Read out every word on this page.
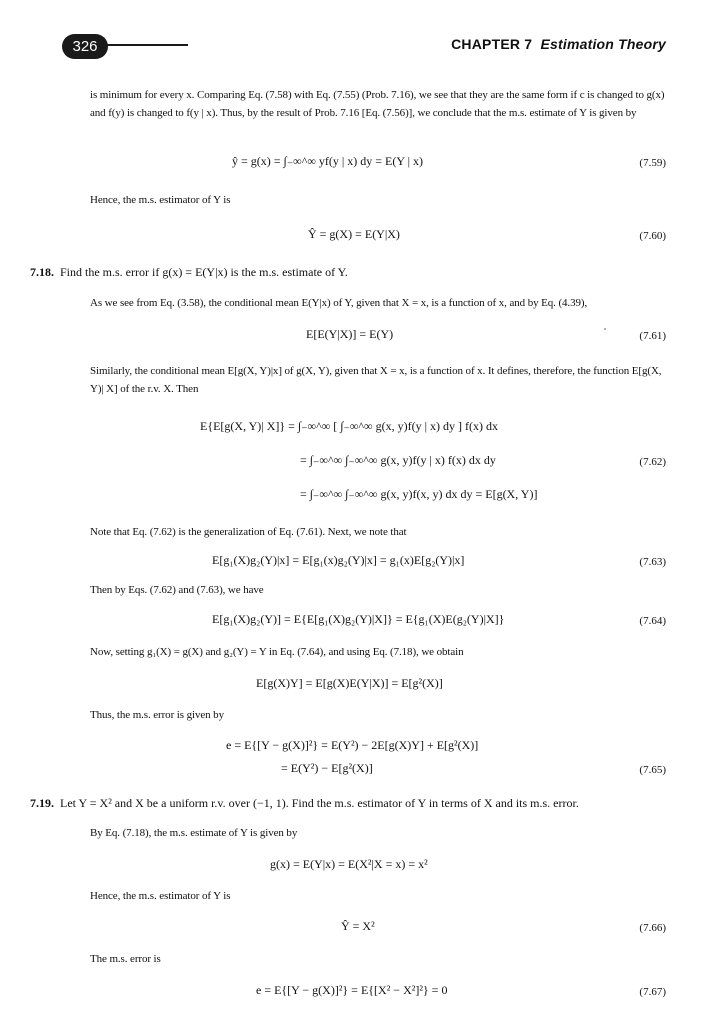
326	CHAPTER 7 Estimation Theory
is minimum for every x. Comparing Eq. (7.58) with Eq. (7.55) (Prob. 7.16), we see that they are the same form if c is changed to g(x) and f(y) is changed to f(y | x). Thus, by the result of Prob. 7.16 [Eq. (7.56)], we conclude that the m.s. estimate of Y is given by
ŷ = g(x) = ∫₋∞^∞ yf(y | x) dy = E(Y | x)	(7.59)
Hence, the m.s. estimator of Y is
Ŷ = g(X) = E(Y|X)	(7.60)
7.18. Find the m.s. error if g(x) = E(Y|x) is the m.s. estimate of Y.
As we see from Eq. (3.58), the conditional mean E(Y|x) of Y, given that X = x, is a function of x, and by Eq. (4.39),
E[E(Y|X)] = E(Y)	(7.61)
Similarly, the conditional mean E[g(X, Y)|x] of g(X, Y), given that X = x, is a function of x. It defines, therefore, the function E[g(X, Y)| X] of the r.v. X. Then
E{E[g(X, Y)| X]} = ∫₋∞^∞ [ ∫₋∞^∞ g(x, y)f(y | x) dy ] f(x) dx
= ∫₋∞^∞ ∫₋∞^∞ g(x, y)f(y | x) f(x) dx dy
= ∫₋∞^∞ ∫₋∞^∞ g(x, y)f(x, y) dx dy = E[g(X, Y)]
(7.62)
Note that Eq. (7.62) is the generalization of Eq. (7.61). Next, we note that
E[g₁(X)g₂(Y)|x] = E[g₁(x)g₂(Y)|x] = g₁(x)E[g₂(Y)|x]	(7.63)
Then by Eqs. (7.62) and (7.63), we have
E[g₁(X)g₂(Y)] = E{E[g₁(X)g₂(Y)|X]} = E{g₁(X)E(g₂(Y)|X]}	(7.64)
Now, setting g₁(X) = g(X) and g₂(Y) = Y in Eq. (7.64), and using Eq. (7.18), we obtain
E[g(X)Y] = E[g(X)E(Y|X)] = E[g²(X)]
Thus, the m.s. error is given by
e = E{[Y − g(X)]²} = E(Y²) − 2E[g(X)Y] + E[g²(X)]
= E(Y²) − E[g²(X)]	(7.65)
7.19. Let Y = X² and X be a uniform r.v. over (−1, 1). Find the m.s. estimator of Y in terms of X and its m.s. error.
By Eq. (7.18), the m.s. estimate of Y is given by
g(x) = E(Y|x) = E(X²|X = x) = x²
Hence, the m.s. estimator of Y is
Ŷ = X²	(7.66)
The m.s. error is
e = E{[Y − g(X)]²} = E{[X² − X²]²} = 0	(7.67)
